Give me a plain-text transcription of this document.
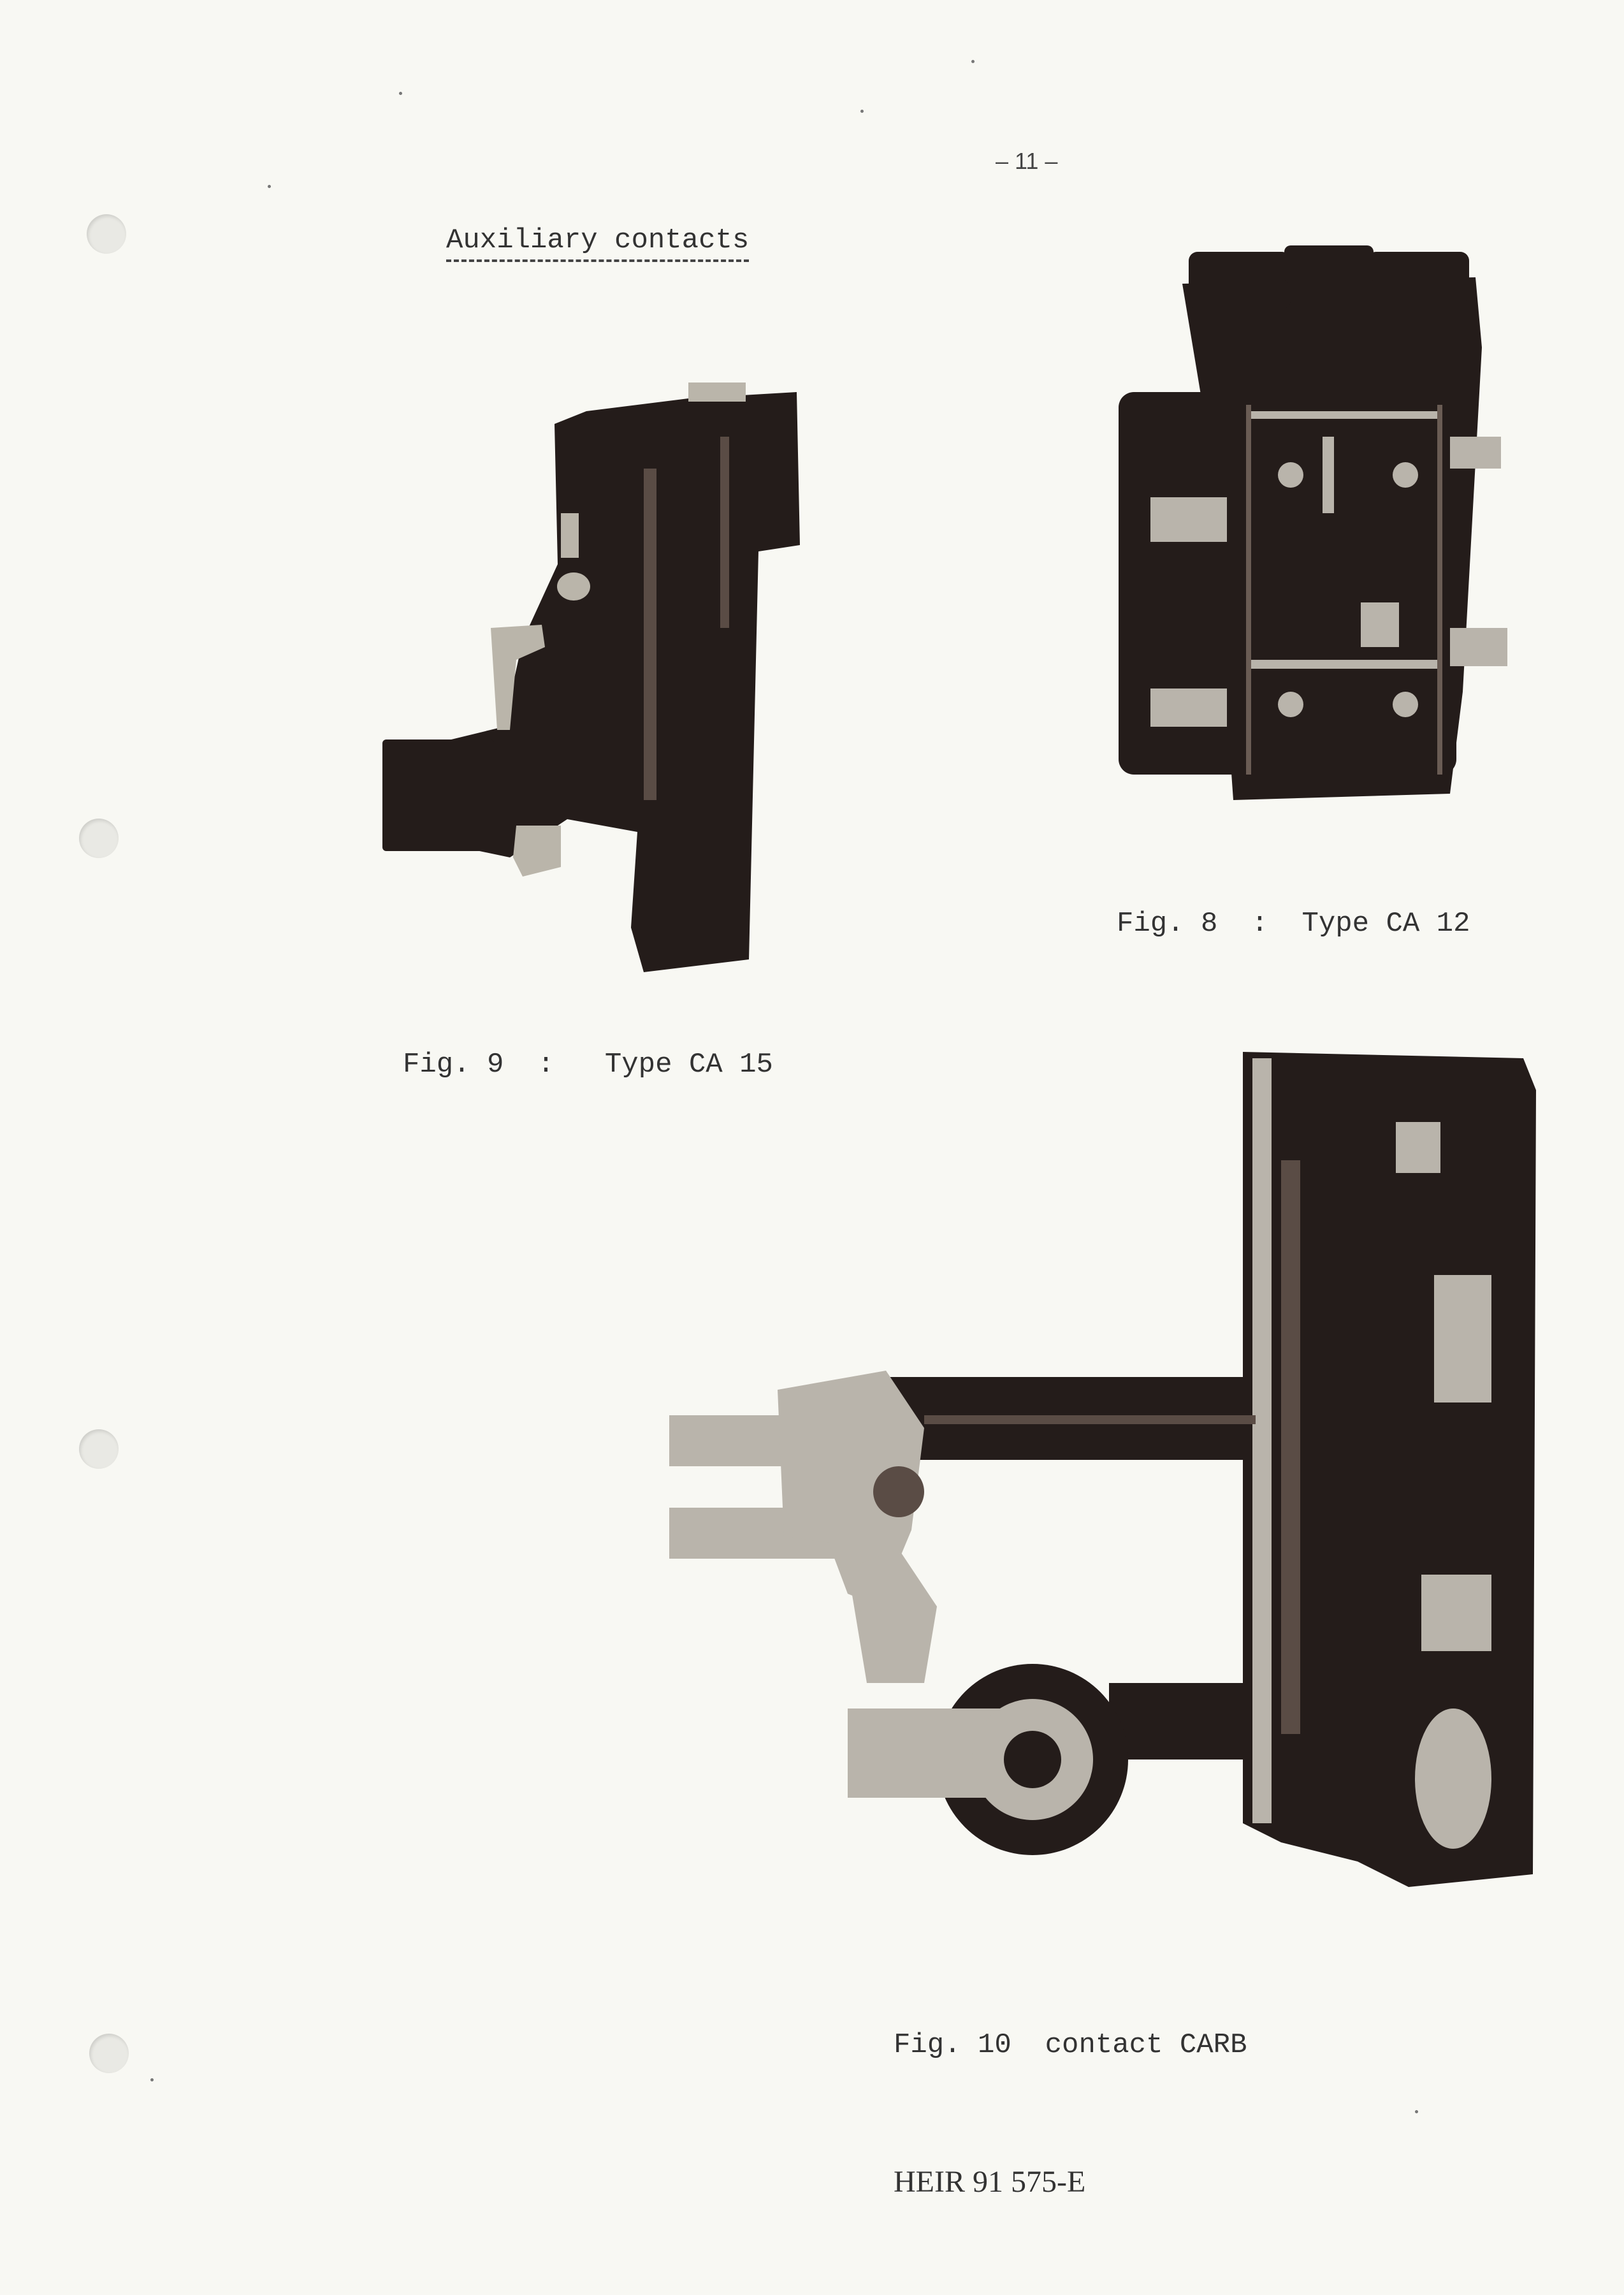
– 11 –
Auxiliary contacts
Fig. 8  :  Type CA 12
Fig. 9  :   Type CA 15
Fig. 10  contact CARB
HEIR 91 575-E
